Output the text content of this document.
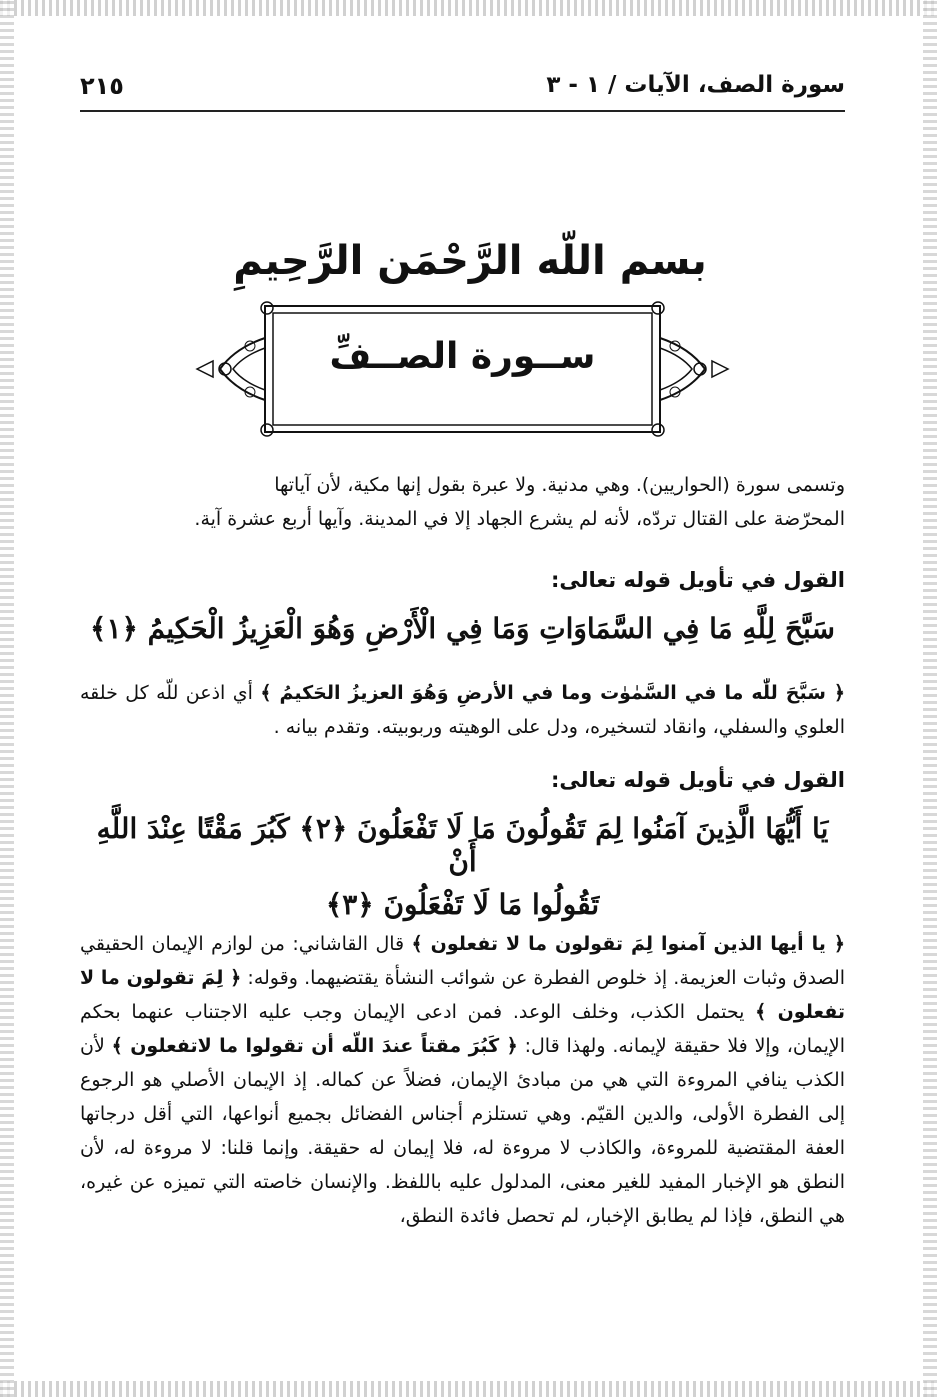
سورة الصف، الآيات / ١ - ٣
٢١٥
بسم اللّه الرَّحْمَن الرَّحِيمِ
ســورة الصــفِّ
وتسمى سورة (الحواريين). وهي مدنية. ولا عبرة بقول إنها مكية، لأن آياتها
المحرّضة على القتال تردّه، لأنه لم يشرع الجهاد إلا في المدينة. وآيها أربع عشرة آية.
القول في تأويل قوله تعالى:
سَبَّحَ لِلَّهِ مَا فِي السَّمَاوَاتِ وَمَا فِي الْأَرْضِ وَهُوَ الْعَزِيزُ الْحَكِيمُ ﴿١﴾
﴿ سَبَّحَ للّٰه ما في السَّمٰوٰت وما في الأرضِ وَهُوَ العزيزُ الحَكيمُ ﴾ أي اذعن للّه كل خلقه العلوي والسفلي، وانقاد لتسخيره، ودل على الوهيته وربوبيته. وتقدم بيانه .
القول في تأويل قوله تعالى:
يَا أَيُّهَا الَّذِينَ آمَنُوا لِمَ تَقُولُونَ مَا لَا تَفْعَلُونَ ﴿٢﴾ كَبُرَ مَقْتًا عِنْدَ اللَّهِ أَنْ
تَقُولُوا مَا لَا تَفْعَلُونَ ﴿٣﴾
﴿ يا أيها الذين آمنوا لِمَ تقولون ما لا تفعلون ﴾ قال القاشاني: من لوازم الإيمان الحقيقي الصدق وثبات العزيمة. إذ خلوص الفطرة عن شوائب النشأة يقتضيهما. وقوله: ﴿ لِمَ تقولون ما لا تفعلون ﴾ يحتمل الكذب، وخلف الوعد. فمن ادعى الإيمان وجب عليه الاجتناب عنهما بحكم الإيمان، وإلا فلا حقيقة لإيمانه. ولهذا قال: ﴿ كَبُرَ مقتاً عندَ اللّه أن تقولوا ما لاتفعلون ﴾ لأن الكذب ينافي المروءة التي هي من مبادئ الإيمان، فضلاً عن كماله. إذ الإيمان الأصلي هو الرجوع إلى الفطرة الأولى، والدين القيّم. وهي تستلزم أجناس الفضائل بجميع أنواعها، التي أقل درجاتها العفة المقتضية للمروءة، والكاذب لا مروءة له، فلا إيمان له حقيقة. وإنما قلنا: لا مروءة له، لأن النطق هو الإخبار المفيد للغير معنى، المدلول عليه باللفظ. والإنسان خاصته التي تميزه عن غيره، هي النطق، فإذا لم يطابق الإخبار، لم تحصل فائدة النطق،
